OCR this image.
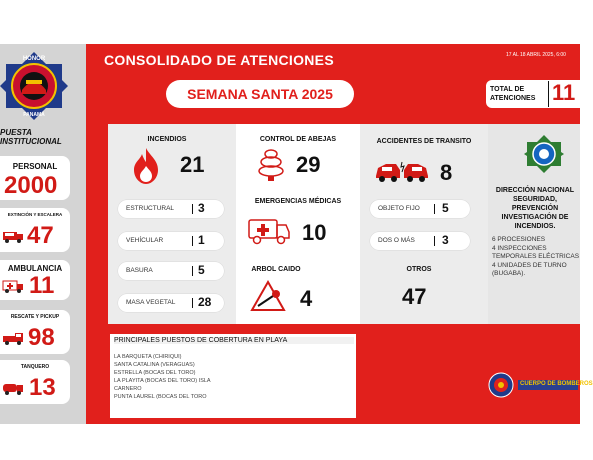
HONOR
PANAMÁ
PUESTA INSTITUCIONAL
PERSONAL
2000
EXTINCIÓN Y ESCALERA
47
AMBULANCIA
11
RESCATE Y PICKUP
98
TANQUERO
13
CONSOLIDADO DE ATENCIONES	17 AL 18 ABRIL 2025, 6:00
SEMANA SANTA 2025	TOTAL DE ATENCIONES 11
INCENDIOS
21
ESTRUCTURAL 3
VEHÍCULAR	1
BASURA	5
MASA VEGETAL 28
CONTROL DE ABEJAS
29
EMERGENCIAS MÉDICAS
10
ARBOL CAIDO
4
ACCIDENTES DE TRANSITO
8
OBJETO FIJO 5
DOS O MÁS 3
OTROS
47
DIRECCIÓN NACIONAL SEGURIDAD, PREVENCIÓN INVESTIGACIÓN DE INCENDIOS.
6 PROCESIONES
4 INSPECCIONES TEMPORALES ELÉCTRICAS
4 UNIDADES DE TURNO (BUGABA).
PRINCIPALES PUESTOS DE COBERTURA EN PLAYA
LA BARQUETA (CHIRIQUI)
SANTA CATALINA (VERAGUAS)
ESTRELLA (BOCAS DEL TORO)
LA PLAYITA (BOCAS DEL TORO) ISLA
CARNERO
PUNTA LAUREL (BOCAS DEL TORO
CUERPO DE BOMBEROS
